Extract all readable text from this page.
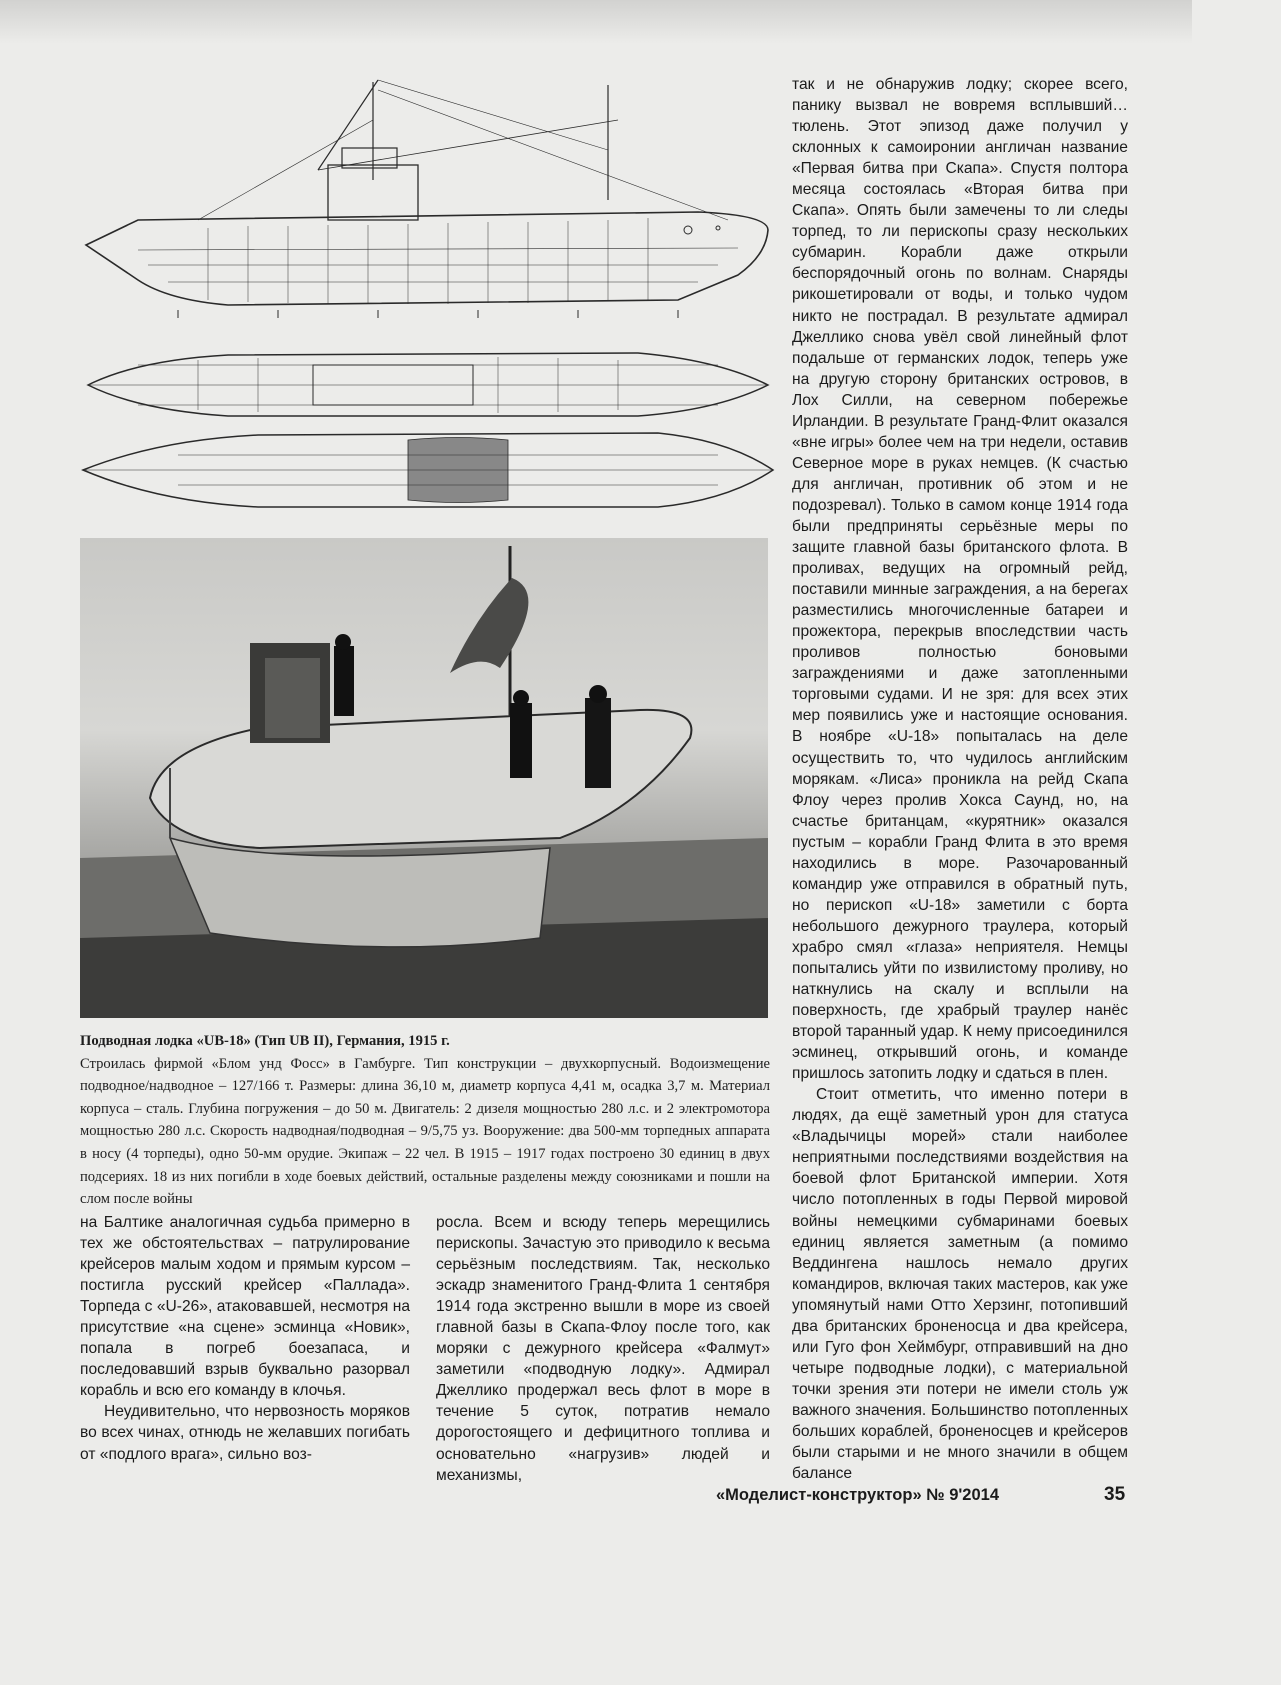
Подводная лодка «UB-18» (Тип UB II), Германия, 1915 г.
Строилась фирмой «Блом унд Фосс» в Гамбурге. Тип конструкции – двухкорпусный. Водоизмещение подводное/надводное – 127/166 т. Размеры: длина 36,10 м, диаметр корпуса 4,41 м, осадка 3,7 м. Материал корпуса – сталь. Глубина погружения – до 50 м. Двигатель: 2 дизеля мощностью 280 л.с. и 2 электромотора мощностью 280 л.с. Скорость надводная/подводная – 9/5,75 уз. Вооружение: два 500-мм торпедных аппарата в носу (4 торпеды), одно 50-мм орудие. Экипаж – 22 чел. В 1915 – 1917 годах построено 30 единиц в двух подсериях. 18 из них погибли в ходе боевых действий, остальные разделены между союзниками и пошли на слом после войны

так и не обнаружив лодку; скорее всего, панику вызвал не вовремя всплывший… тюлень. Этот эпизод даже получил у склонных к самоиронии англичан название «Первая битва при Скапа». Спустя полтора месяца состоялась «Вторая битва при Скапа». Опять были замечены то ли следы торпед, то ли перископы сразу нескольких субмарин. Корабли даже открыли беспорядочный огонь по волнам. Снаряды рикошетировали от воды, и только чудом никто не пострадал. В результате адмирал Джеллико снова увёл свой линейный флот подальше от германских лодок, теперь уже на другую сторону британских островов, в Лох Силли, на северном побережье Ирландии. В результате Гранд-Флит оказался «вне игры» более чем на три недели, оставив Северное море в руках немцев. (К счастью для англичан, противник об этом и не подозревал). Только в самом конце 1914 года были предприняты серьёзные меры по защите главной базы британского флота. В проливах, ведущих на огромный рейд, поставили минные заграждения, а на берегах разместились многочисленные батареи и прожектора, перекрыв впоследствии часть проливов полностью боновыми заграждениями и даже затопленными торговыми судами. И не зря: для всех этих мер появились уже и настоящие основания. В ноябре «U-18» попыталась на деле осуществить то, что чудилось английским морякам. «Лиса» проникла на рейд Скапа Флоу через пролив Хокса Саунд, но, на счастье британцам, «курятник» оказался пустым – корабли Гранд Флита в это время находились в море. Разочарованный командир уже отправился в обратный путь, но перископ «U-18» заметили с борта небольшого дежурного траулера, который храбро смял «глаза» неприятеля. Немцы попытались уйти по извилистому проливу, но наткнулись на скалу и всплыли на поверхность, где храбрый траулер нанёс второй таранный удар. К нему присоединился эсминец, открывший огонь, и команде пришлось затопить лодку и сдаться в плен.

Стоит отметить, что именно потери в людях, да ещё заметный урон для статуса «Владычицы морей» стали наиболее неприятными последствиями воздействия на боевой флот Британской империи. Хотя число потопленных в годы Первой мировой войны немецкими субмаринами боевых единиц является заметным (а помимо Веддингена нашлось немало других командиров, включая таких мастеров, как уже упомянутый нами Отто Херзинг, потопивший два британских броненосца и два крейсера, или Гуго фон Хеймбург, отправивший на дно четыре подводные лодки), с материальной точки зрения эти потери не имели столь уж важного значения. Большинство потопленных больших кораблей, броненосцев и крейсеров были старыми и не много значили в общем балансе

на Балтике аналогичная судьба примерно в тех же обстоятельствах – патрулирование крейсеров малым ходом и прямым курсом – постигла русский крейсер «Паллада». Торпеда с «U-26», атаковавшей, несмотря на присутствие «на сцене» эсминца «Новик», попала в погреб боезапаса, и последовавший взрыв буквально разорвал корабль и всю его команду в клочья.

Неудивительно, что нервозность моряков во всех чинах, отнюдь не желавших погибать от «подлого врага», сильно воз-

росла. Всем и всюду теперь мерещились перископы. Зачастую это приводило к весьма серьёзным последствиям. Так, несколько эскадр знаменитого Гранд-Флита 1 сентября 1914 года экстренно вышли в море из своей главной базы в Скапа-Флоу после того, как моряки с дежурного крейсера «Фалмут» заметили «подводную лодку». Адмирал Джеллико продержал весь флот в море в течение 5 суток, потратив немало дорогостоящего и дефицитного топлива и основательно «нагрузив» людей и механизмы,

«Моделист-конструктор» № 9'2014	35
